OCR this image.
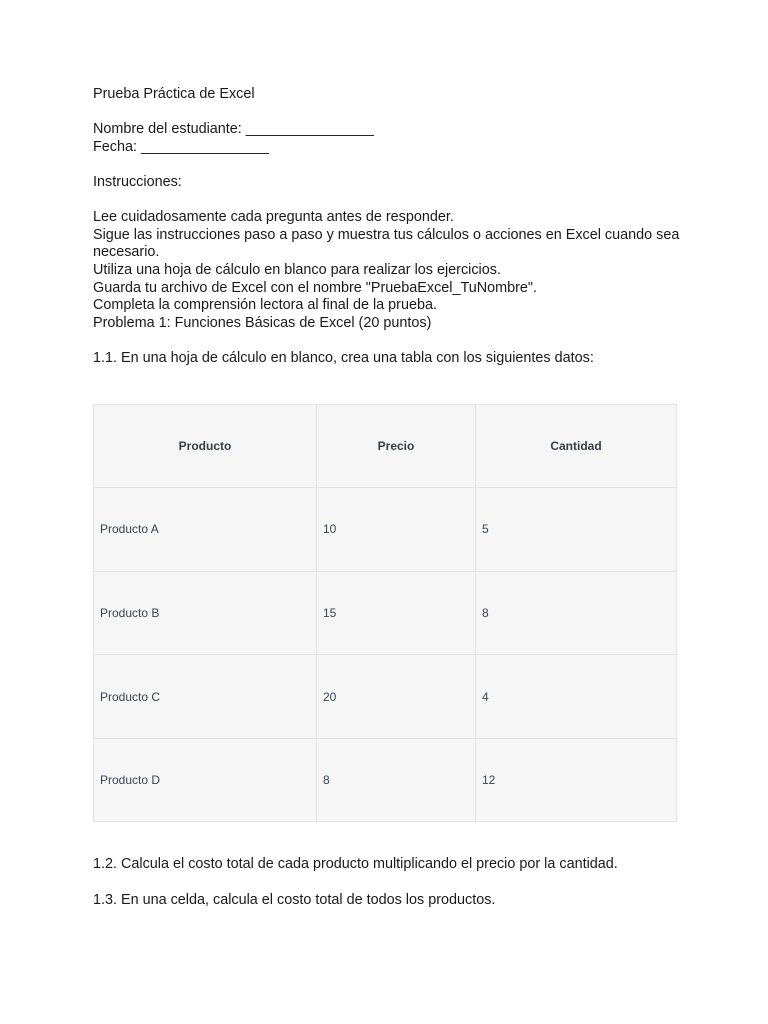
Prueba Práctica de Excel

Nombre del estudiante: ________________

Fecha: ________________

Instrucciones:

Lee cuidadosamente cada pregunta antes de responder.

Sigue las instrucciones paso a paso y muestra tus cálculos o acciones en Excel cuando sea necesario.

Utiliza una hoja de cálculo en blanco para realizar los ejercicios.

Guarda tu archivo de Excel con el nombre "PruebaExcel_TuNombre".

Completa la comprensión lectora al final de la prueba.

Problema 1: Funciones Básicas de Excel (20 puntos)

1.1. En una hoja de cálculo en blanco, crea una tabla con los siguientes datos:

Producto	Precio	Cantidad
Producto A	10	5
Producto B	15	8
Producto C	20	4
Producto D	8	12

1.2. Calcula el costo total de cada producto multiplicando el precio por la cantidad.

1.3. En una celda, calcula el costo total de todos los productos.
